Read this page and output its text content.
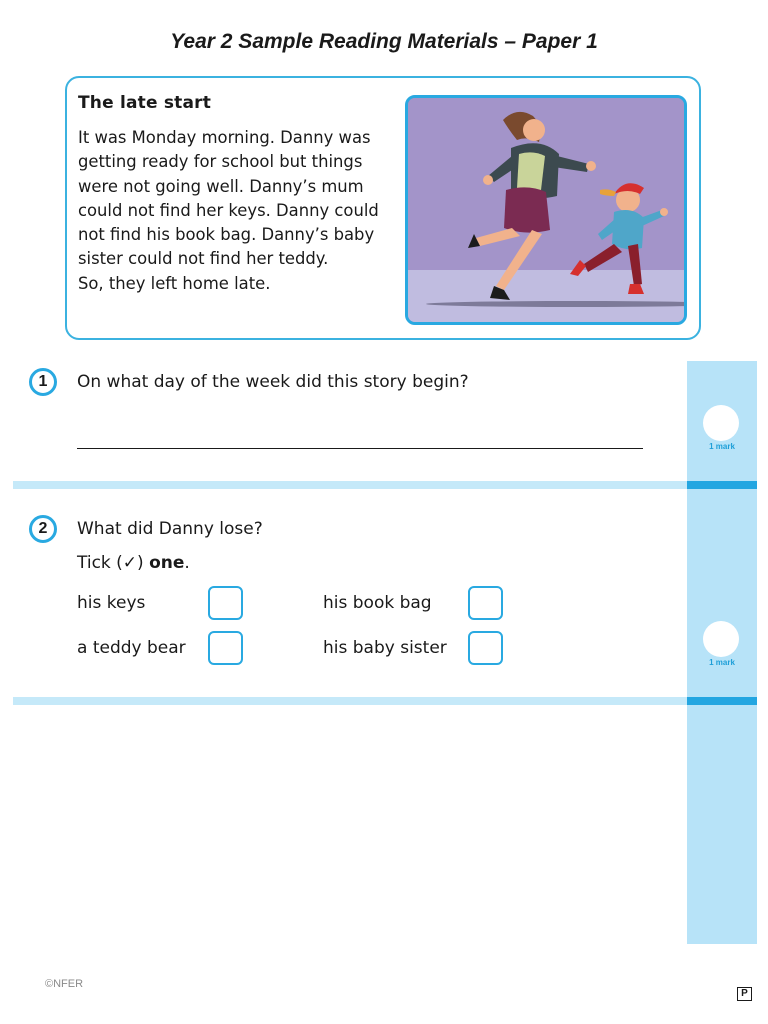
Year 2 Sample Reading Materials – Paper 1
The late start
It was Monday morning. Danny was
getting ready for school but things
were not going well. Danny’s mum
could not find her keys. Danny could
not find his book bag. Danny’s baby
sister could not find her teddy.
So, they left home late.
1 mark
1 mark
1	On what day of the week did this story begin?
2	What did Danny lose?
Tick (✓) one.
his keys	his book bag
a teddy bear	his baby sister
©NFER
P
